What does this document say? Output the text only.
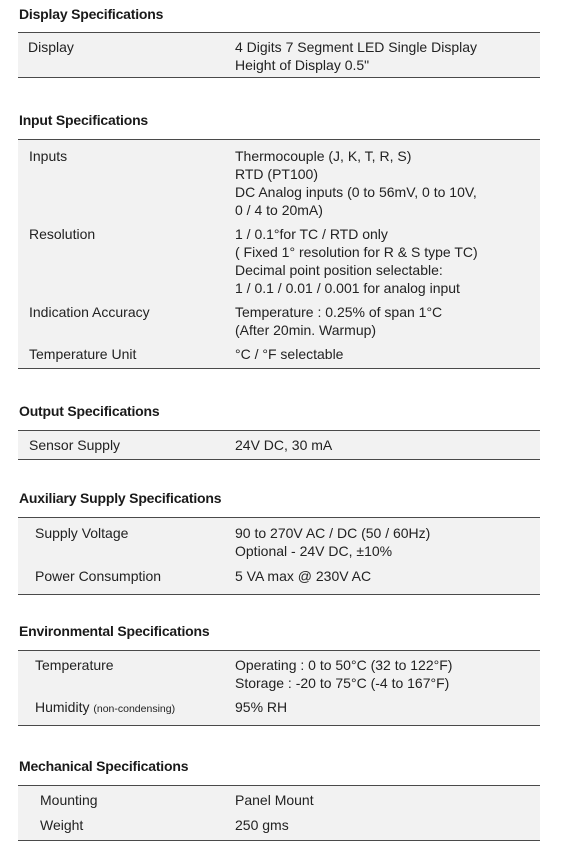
Display Specifications
Display	4 Digits 7 Segment LED Single Display
Height of Display 0.5"
Input Specifications
Inputs	Thermocouple (J, K, T, R, S)
RTD (PT100)
DC Analog inputs (0 to 56mV, 0 to 10V,
0 / 4 to 20mA)
Resolution	1 / 0.1°for TC / RTD only
( Fixed 1° resolution for R & S type TC)
Decimal point position selectable:
1 / 0.1 / 0.01 / 0.001 for analog input
Indication Accuracy	Temperature : 0.25% of span 1°C
(After 20min. Warmup)
Temperature Unit	°C / °F selectable
Output Specifications
Sensor Supply	24V DC, 30 mA
Auxiliary Supply Specifications
Supply Voltage	90 to 270V AC / DC (50 / 60Hz)
Optional - 24V DC, ±10%
Power Consumption	5 VA max @ 230V AC
Environmental Specifications
Temperature	Operating : 0 to 50°C (32 to 122°F)
Storage : -20 to 75°C (-4 to 167°F)
Humidity (non-condensing)	95% RH
Mechanical Specifications
Mounting	Panel Mount
Weight	250 gms
